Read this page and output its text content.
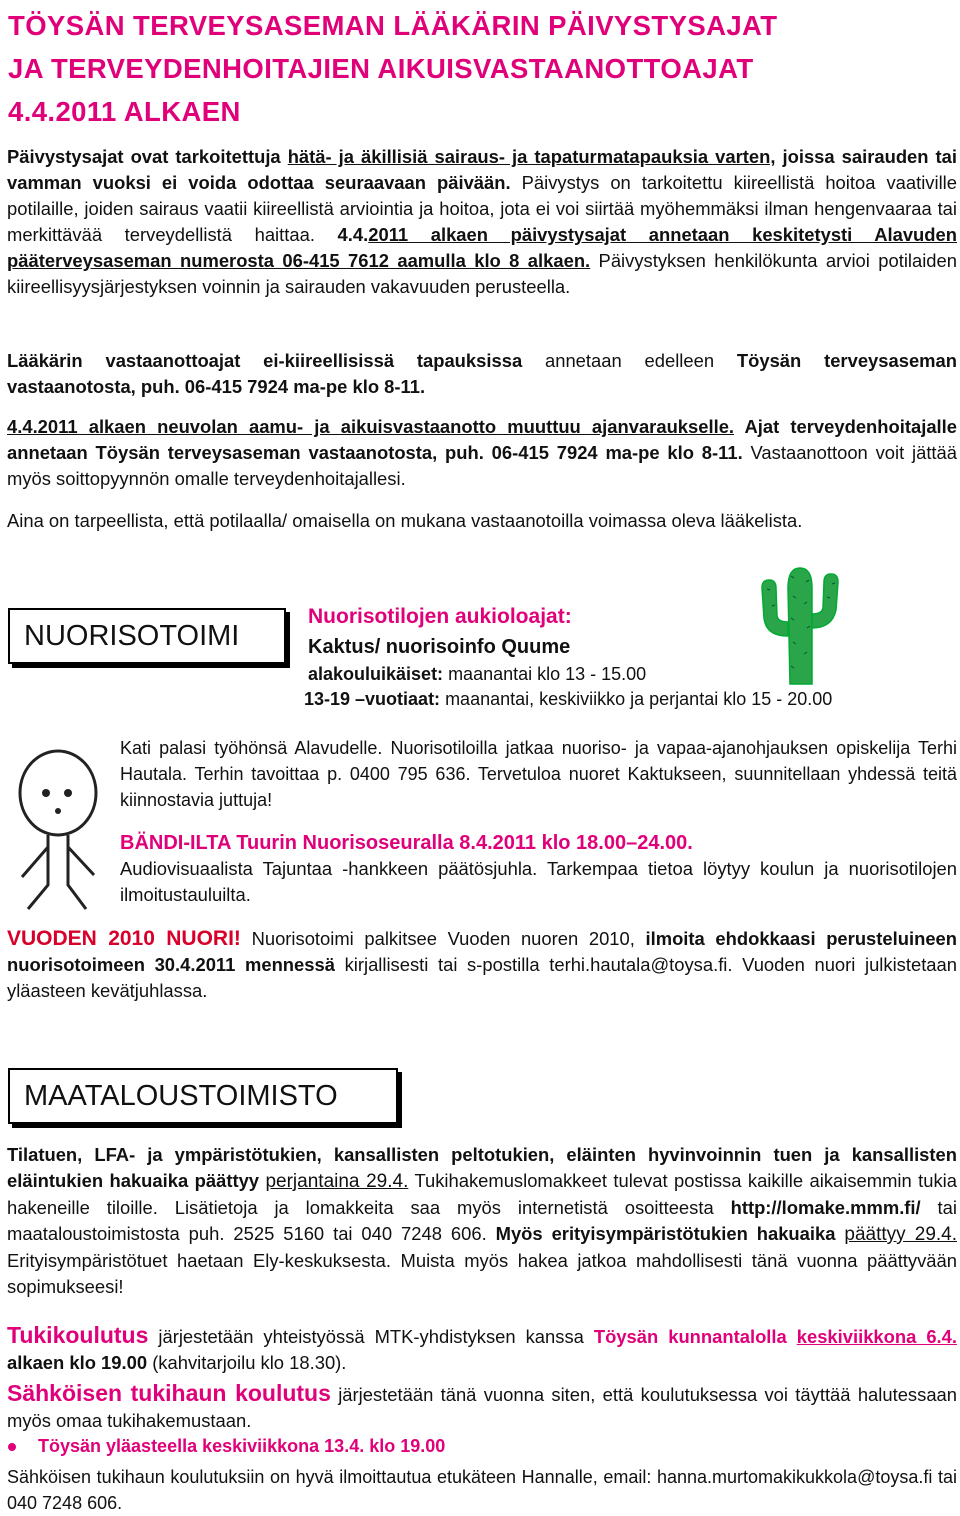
TÖYSÄN TERVEYSASEMAN LÄÄKÄRIN PÄIVYSTYSAJAT
JA TERVEYDENHOITAJIEN AIKUISVASTAANOTTOAJAT
4.4.2011 ALKAEN

Päivystysajat ovat tarkoitettuja hätä- ja äkillisiä sairaus- ja tapaturmatapauksia varten, joissa sairauden tai vamman vuoksi ei voida odottaa seuraavaan päivään. Päivystys on tarkoitettu kiireellistä hoitoa vaativille potilaille, joiden sairaus vaatii kiireellistä arviointia ja hoitoa, jota ei voi siirtää myöhemmäksi ilman hengenvaaraa tai merkittävää terveydellistä haittaa. 4.4.2011 alkaen päivystysajat annetaan keskitetysti Alavuden pääterveysaseman numerosta 06-415 7612 aamulla klo 8 alkaen. Päivystyksen henkilökunta arvioi potilaiden kiireellisyysjärjestyksen voinnin ja sairauden vakavuuden perusteella.

Lääkärin vastaanottoajat ei-kiireellisissä tapauksissa annetaan edelleen Töysän terveysaseman vastaanotosta, puh. 06-415 7924 ma-pe klo 8-11.

4.4.2011 alkaen neuvolan aamu- ja aikuisvastaanotto muuttuu ajanvaraukselle. Ajat terveydenhoitajalle annetaan Töysän terveysaseman vastaanotosta, puh. 06-415 7924 ma-pe klo 8-11. Vastaanottoon voit jättää myös soittopyynnön omalle terveydenhoitajallesi.

Aina on tarpeellista, että potilaalla/ omaisella on mukana vastaanotoilla voimassa oleva lääkelista.

NUORISOTOIMI
Nuorisotilojen aukioloajat:
Kaktus/ nuorisoinfo Quume
alakouluikäiset: maanantai klo 13 - 15.00
13-19 –vuotiaat: maanantai, keskiviikko ja perjantai klo 15 - 20.00

Kati palasi työhönsä Alavudelle. Nuorisotiloilla jatkaa nuoriso- ja vapaa-ajanohjauksen opiskelija Terhi Hautala. Terhin tavoittaa p. 0400 795 636. Tervetuloa nuoret Kaktukseen, suunnitellaan yhdessä teitä kiinnostavia juttuja!

BÄNDI-ILTA Tuurin Nuorisoseuralla 8.4.2011 klo 18.00–24.00.
Audiovisuaalista Tajuntaa -hankkeen päätösjuhla. Tarkempaa tietoa löytyy koulun ja nuorisotilojen ilmoitustauluilta.

VUODEN 2010 NUORI! Nuorisotoimi palkitsee Vuoden nuoren 2010, ilmoita ehdokkaasi perusteluineen nuorisotoimeen 30.4.2011 mennessä kirjallisesti tai s-postilla terhi.hautala@toysa.fi. Vuoden nuori julkistetaan yläasteen kevätjuhlassa.

MAATALOUSTOIMISTO

Tilatuen, LFA- ja ympäristötukien, kansallisten peltotukien, eläinten hyvinvoinnin tuen ja kansallisten eläintukien hakuaika päättyy perjantaina 29.4. Tukihakemuslomakkeet tulevat postissa kaikille aikaisemmin tukia hakeneille tiloille. Lisätietoja ja lomakkeita saa myös internetistä osoitteesta http://lomake.mmm.fi/ tai maataloustoimistosta puh. 2525 5160 tai 040 7248 606. Myös erityisympäristötukien hakuaika päättyy 29.4. Erityisympäristötuet haetaan Ely-keskuksesta. Muista myös hakea jatkoa mahdollisesti tänä vuonna päättyvään sopimukseesi!

Tukikoulutus järjestetään yhteistyössä MTK-yhdistyksen kanssa Töysän kunnantalolla keskiviikkona 6.4. alkaen klo 19.00 (kahvitarjoilu klo 18.30).

Sähköisen tukihaun koulutus järjestetään tänä vuonna siten, että koulutuksessa voi täyttää halutessaan myös omaa tukihakemustaan.

Töysän yläasteella keskiviikkona 13.4. klo 19.00

Sähköisen tukihaun koulutuksiin on hyvä ilmoittautua etukäteen Hannalle, email: hanna.murtomakikukkola@toysa.fi tai 040 7248 606.
